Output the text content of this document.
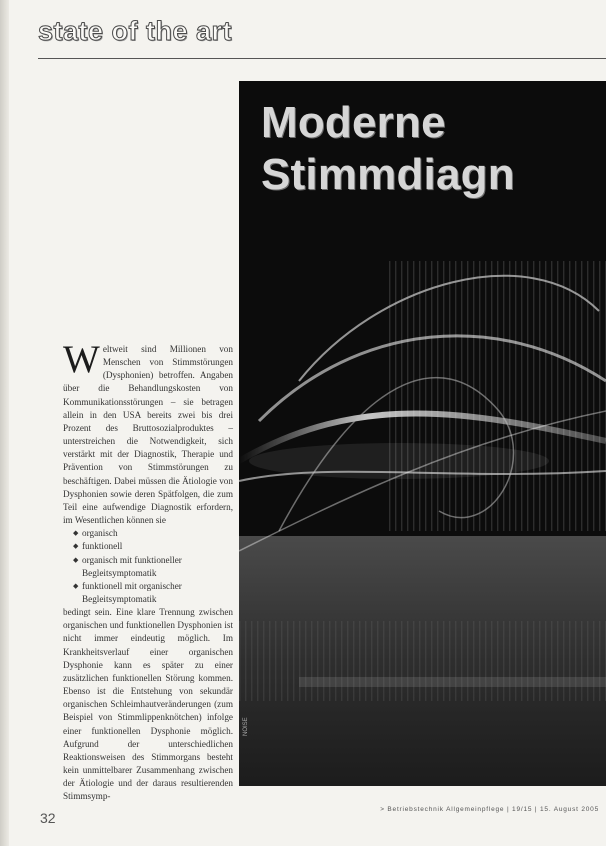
state of the art
Moderne
Stimmdiagn
NOISE

Weltweit sind Millionen von Menschen von Stimmstörungen (Dysphonien) betroffen. Angaben über die Behandlungskosten von Kommunikationsstörungen – sie betragen allein in den USA bereits zwei bis drei Prozent des Bruttosozialproduktes – unterstreichen die Notwendigkeit, sich verstärkt mit der Diagnostik, Therapie und Prävention von Stimmstörungen zu beschäftigen. Dabei müssen die Ätiologie von Dysphonien sowie deren Spätfolgen, die zum Teil eine aufwendige Diagnostik erfordern, im Wesentlichen können sie

◆ organisch
◆ funktionell
◆ organisch mit funktioneller Begleitsymptomatik
◆ funktionell mit organischer Begleitsymptomatik

bedingt sein. Eine klare Trennung zwischen organischen und funktionellen Dysphonien ist nicht immer eindeutig möglich. Im Krankheitsverlauf einer organischen Dysphonie kann es später zu einer zusätzlichen funktionellen Störung kommen. Ebenso ist die Entstehung von sekundär organischen Schleimhautveränderungen (zum Beispiel von Stimmlippenknötchen) infolge einer funktionellen Dysphonie möglich. Aufgrund der unterschiedlichen Reaktionsweisen des Stimmorgans besteht kein unmittelbarer Zusammenhang zwischen der Ätiologie und der daraus resultierenden Stimmsymp-

32
> Betriebstechnik Allgemeinpflege | 19/15 | 15. August 2005
